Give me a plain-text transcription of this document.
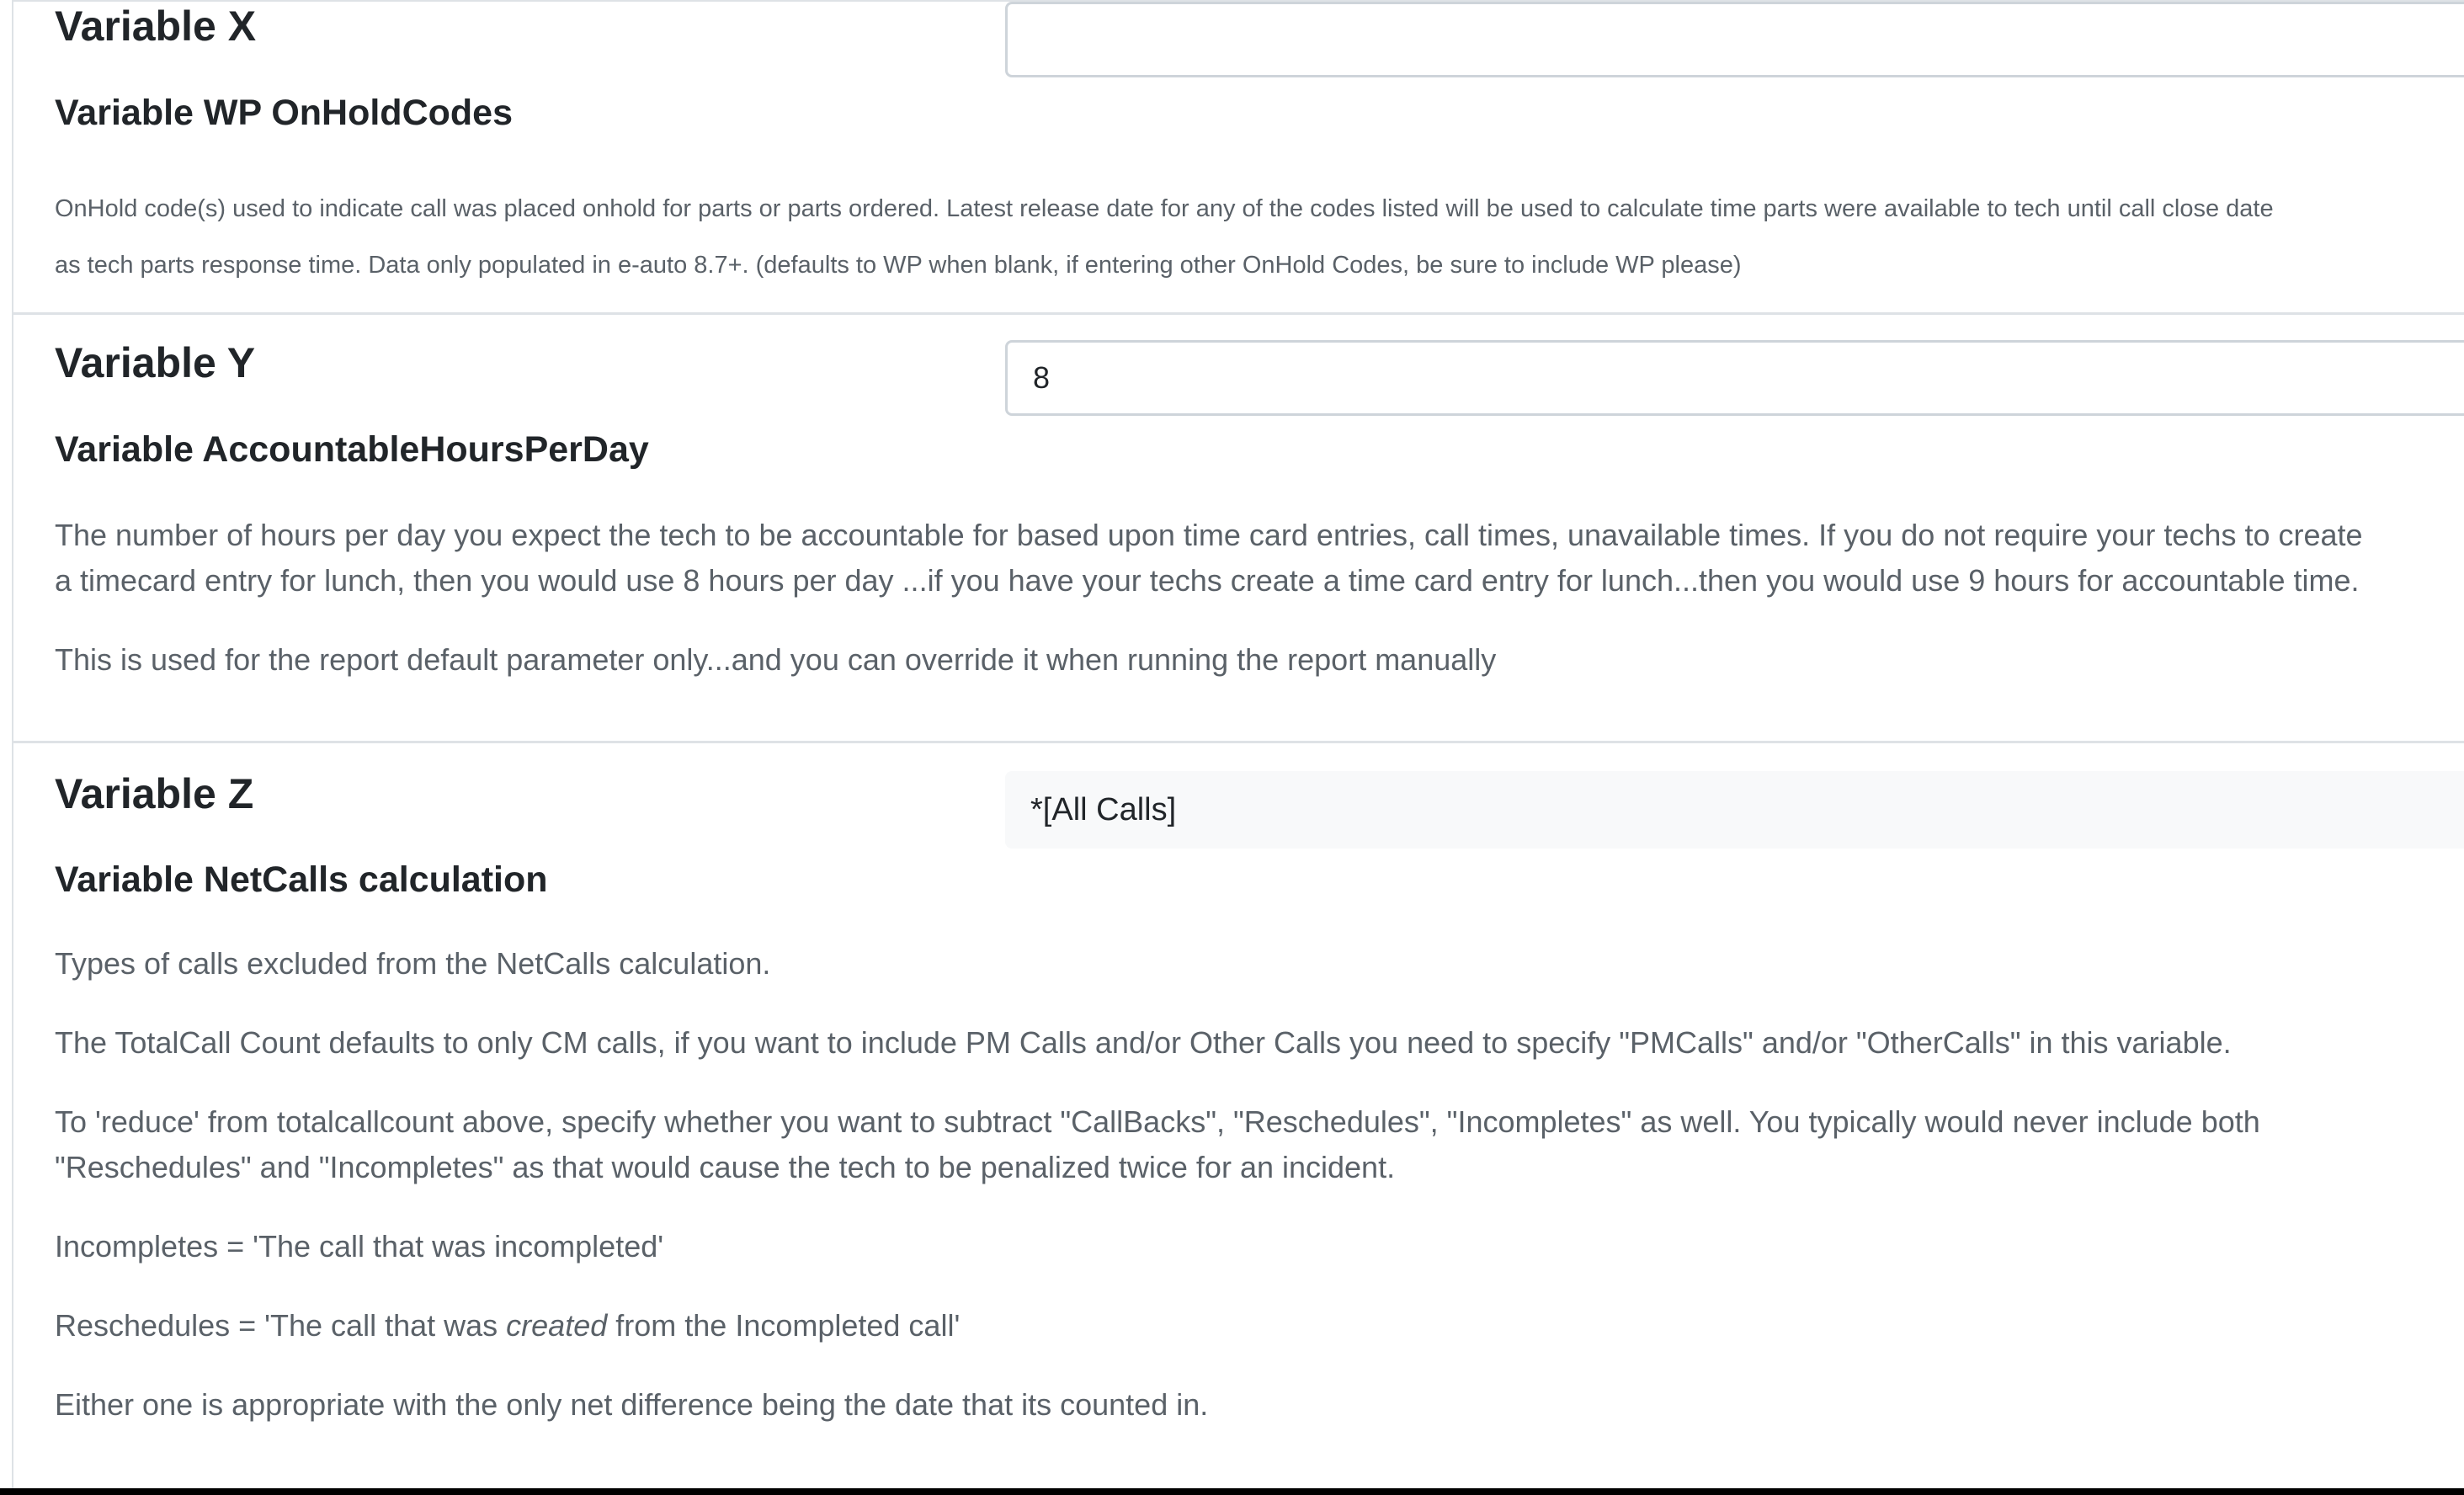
Variable X
Variable WP OnHoldCodes

OnHold code(s) used to indicate call was placed onhold for parts or parts ordered. Latest release date for any of the codes listed will be used to calculate time parts were available to tech until call close date

as tech parts response time. Data only populated in e-auto 8.7+. (defaults to WP when blank, if entering other OnHold Codes, be sure to include WP please)

Variable Y
8
Variable AccountableHoursPerDay

The number of hours per day you expect the tech to be accountable for based upon time card entries, call times, unavailable times. If you do not require your techs to create

a timecard entry for lunch, then you would use 8 hours per day ...if you have your techs create a time card entry for lunch...then you would use 9 hours for accountable time.

This is used for the report default parameter only...and you can override it when running the report manually

Variable Z	*[All Calls]
Variable NetCalls calculation

Types of calls excluded from the NetCalls calculation.

The TotalCall Count defaults to only CM calls, if you want to include PM Calls and/or Other Calls you need to specify "PMCalls" and/or "OtherCalls" in this variable.

To 'reduce' from totalcallcount above, specify whether you want to subtract "CallBacks", "Reschedules", "Incompletes" as well. You typically would never include both

"Reschedules" and "Incompletes" as that would cause the tech to be penalized twice for an incident.

Incompletes = 'The call that was incompleted'

Reschedules = 'The call that was created from the Incompleted call'

Either one is appropriate with the only net difference being the date that its counted in.
